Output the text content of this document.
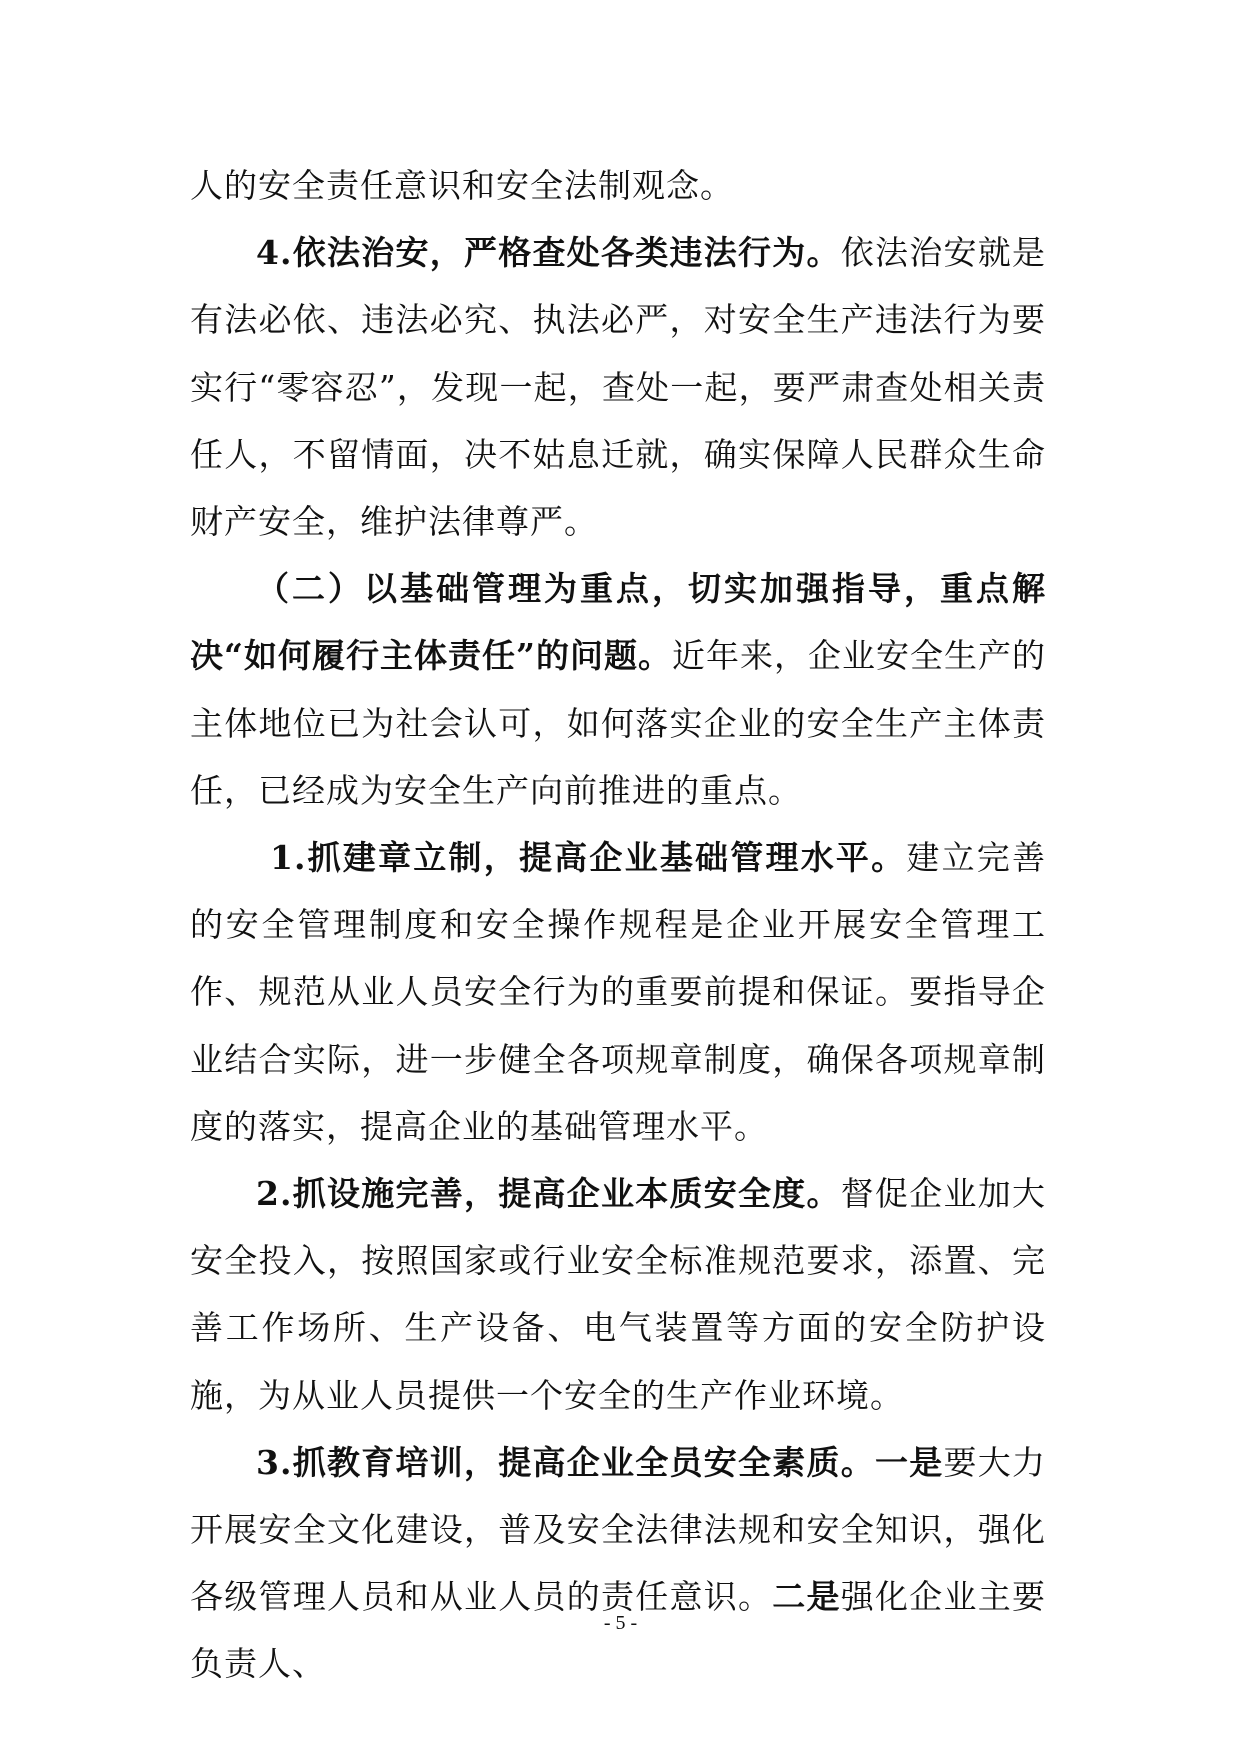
人的安全责任意识和安全法制观念。

4.依法治安，严格查处各类违法行为。依法治安就是有法必依、违法必究、执法必严，对安全生产违法行为要实行“零容忍”，发现一起，查处一起，要严肃查处相关责任人，不留情面，决不姑息迁就，确实保障人民群众生命财产安全，维护法律尊严。

（二）以基础管理为重点，切实加强指导，重点解决“如何履行主体责任”的问题。近年来，企业安全生产的主体地位已为社会认可，如何落实企业的安全生产主体责任，已经成为安全生产向前推进的重点。

1.抓建章立制，提高企业基础管理水平。建立完善的安全管理制度和安全操作规程是企业开展安全管理工作、规范从业人员安全行为的重要前提和保证。要指导企业结合实际，进一步健全各项规章制度，确保各项规章制度的落实，提高企业的基础管理水平。

2.抓设施完善，提高企业本质安全度。督促企业加大安全投入，按照国家或行业安全标准规范要求，添置、完善工作场所、生产设备、电气装置等方面的安全防护设施，为从业人员提供一个安全的生产作业环境。

3.抓教育培训，提高企业全员安全素质。一是要大力开展安全文化建设，普及安全法律法规和安全知识，强化各级管理人员和从业人员的责任意识。二是强化企业主要负责人、

- 5 -
